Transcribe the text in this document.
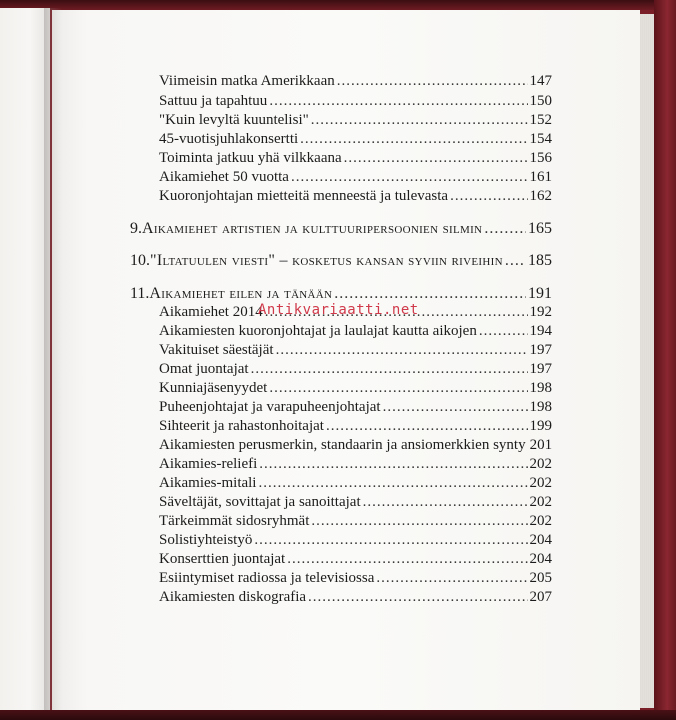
Viimeisin matka Amerikkaan .....	147
Sattuu ja tapahtuu .....	150
"Kuin levyltä kuuntelisi" .....	152
45-vuotisjuhlakonsertti .....	154
Toiminta jatkuu yhä vilkkaana .....	156
Aikamiehet 50 vuotta .....	161
Kuoronjohtajan mietteitä menneestä ja tulevasta .....	162
9. Aikamiehet artistien ja kulttuuripersoonien silmin .....	165
10. "Iltatuulen viesti" – kosketus kansan syviin riveihin ..... 185
11. Aikamiehet eilen ja tänään .....	191
Aikamiehet 2014 .....	192
Aikamiesten kuoronjohtajat ja laulajat kautta aikojen .....	194
Vakituiset säestäjät .....	197
Omat juontajat .....	197
Kunniajäsenyydet .....	198
Puheenjohtajat ja varapuheenjohtajat .....	198
Sihteerit ja rahastonhoitajat .....	199
Aikamiesten perusmerkin, standaarin ja ansiomerkkien synty 201
Aikamies-reliefi .....	202
Aikamies-mitali .....	202
Säveltäjät, sovittajat ja sanoittajat .....	202
Tärkeimmät sidosryhmät .....	202
Solistiyhteistyö .....	204
Konserttien juontajat .....	204
Esiintymiset radiossa ja televisiossa .....	205
Aikamiesten diskografia .....	207
Antikvariaatti.net
